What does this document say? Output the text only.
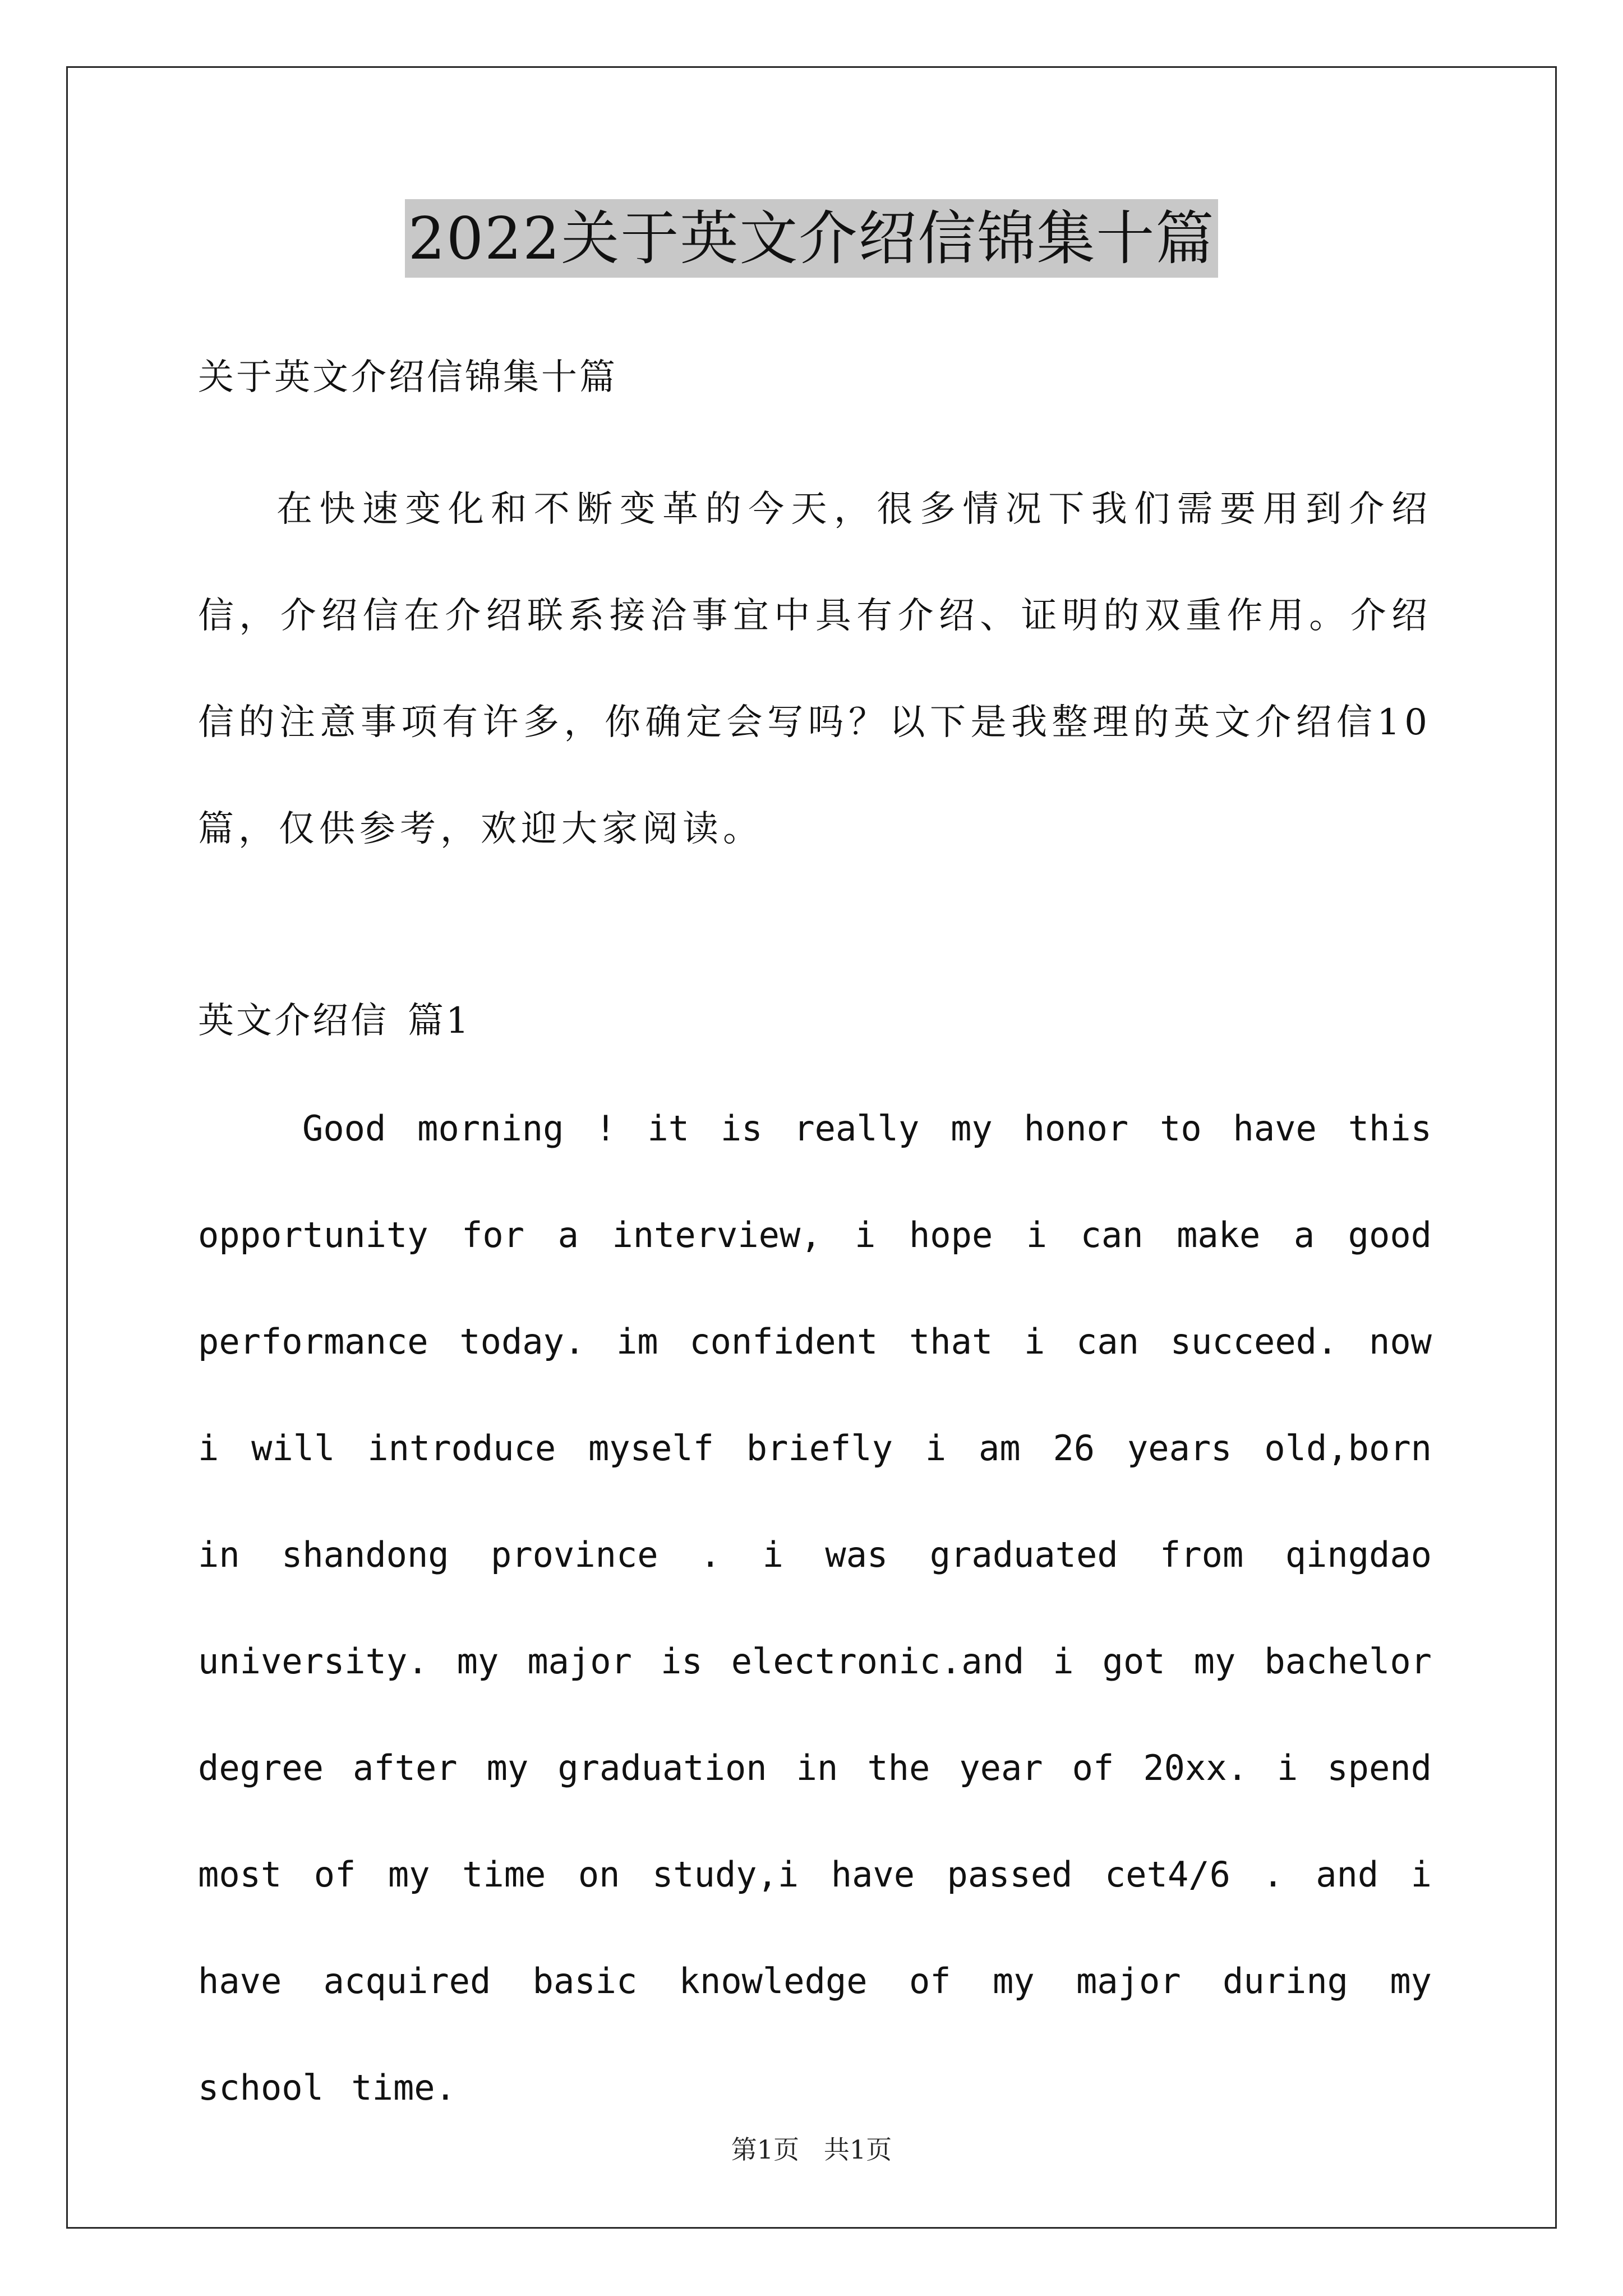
2022关于英文介绍信锦集十篇
关于英文介绍信锦集十篇

在快速变化和不断变革的今天，很多情况下我们需要用到介绍信，介绍信在介绍联系接洽事宜中具有介绍、证明的双重作用。介绍信的注意事项有许多，你确定会写吗？以下是我整理的英文介绍信10篇，仅供参考，欢迎大家阅读。

英文介绍信 篇1

Good morning ! it is really my honor to have this opportunity for a interview, i hope i can make a good performance today. im confident that i can succeed. now i will introduce myself briefly i am 26 years old,born in shandong province . i was graduated from qingdao university. my major is electronic.and i got my bachelor degree after my graduation in the year of 20xx. i spend most of my time on study,i have passed cet4/6 . and i have acquired basic knowledge of my major during my school time.

第1页   共1页
